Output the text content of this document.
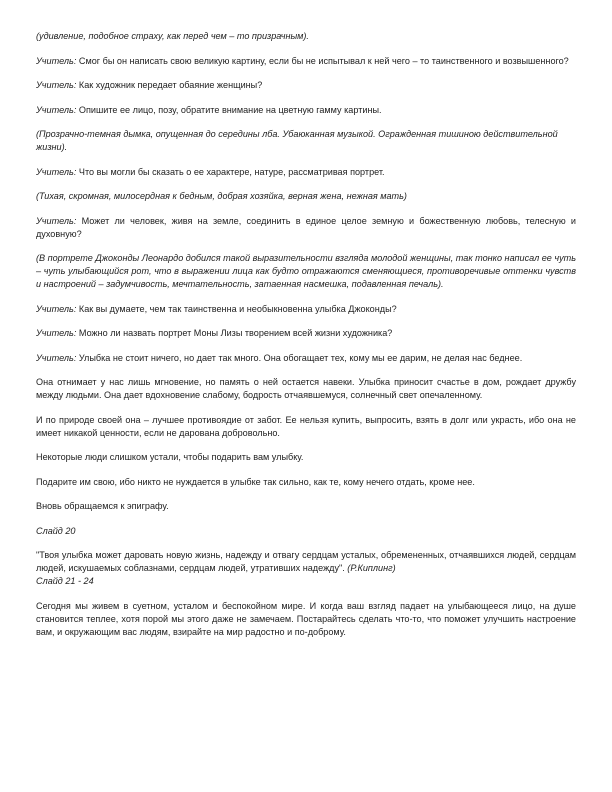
(удивление, подобное страху, как перед чем – то призрачным).

Учитель: Смог бы он написать свою великую картину, если бы не испытывал к ней чего – то таинственного и возвышенного?

Учитель: Как художник передает обаяние женщины?

Учитель: Опишите ее лицо, позу, обратите внимание на цветную гамму картины.

(Прозрачно-темная дымка, опущенная до середины лба. Убаюканная музыкой. Огражденная тишиною действительной жизни).

Учитель: Что вы могли бы сказать о ее характере, натуре, рассматривая портрет.

(Тихая, скромная, милосердная к бедным, добрая хозяйка, верная жена, нежная мать)

Учитель: Может ли человек, живя на земле, соединить в единое целое земную и божественную любовь, телесную и духовную?

(В портрете Джоконды Леонардо добился такой выразительности взгляда молодой женщины, так тонко написал ее чуть – чуть улыбающийся рот, что в выражении лица как будто отражаются сменяющиеся, противоречивые оттенки чувств и настроений – задумчивость, мечтательность, затаенная насмешка, подавленная печаль).

Учитель: Как вы думаете, чем так таинственна и необыкновенна улыбка Джоконды?

Учитель: Можно ли назвать портрет Моны Лизы творением всей жизни художника?

Учитель: Улыбка не стоит ничего, но дает так много. Она обогащает тех, кому мы ее дарим, не делая нас беднее.

Она отнимает у нас лишь мгновение, но память о ней остается навеки. Улыбка приносит счастье в дом, рождает дружбу между людьми. Она дает вдохновение слабому, бодрость отчаявшемуся, солнечный свет опечаленному.

И по природе своей она – лучшее противоядие от забот. Ее нельзя купить, выпросить, взять в долг или украсть, ибо она не имеет никакой ценности, если не дарована добровольно.

Некоторые люди слишком устали, чтобы подарить вам улыбку.

Подарите им свою, ибо никто не нуждается в улыбке так сильно, как те, кому нечего отдать, кроме нее.

Вновь обращаемся к эпиграфу.

Слайд 20

"Твоя улыбка может даровать новую жизнь, надежду и отвагу сердцам усталых, обремененных, отчаявшихся людей, сердцам людей, искушаемых соблазнами, сердцам людей, утративших надежду". (Р.Киплинг)

Слайд 21 - 24

Сегодня мы живем в суетном, усталом и беспокойном мире. И когда ваш взгляд падает на улыбающееся лицо, на душе становится теплее, хотя порой мы этого даже не замечаем. Постарайтесь сделать что-то, что поможет улучшить настроение вам, и окружающим вас людям, взирайте на мир радостно и по-доброму.
